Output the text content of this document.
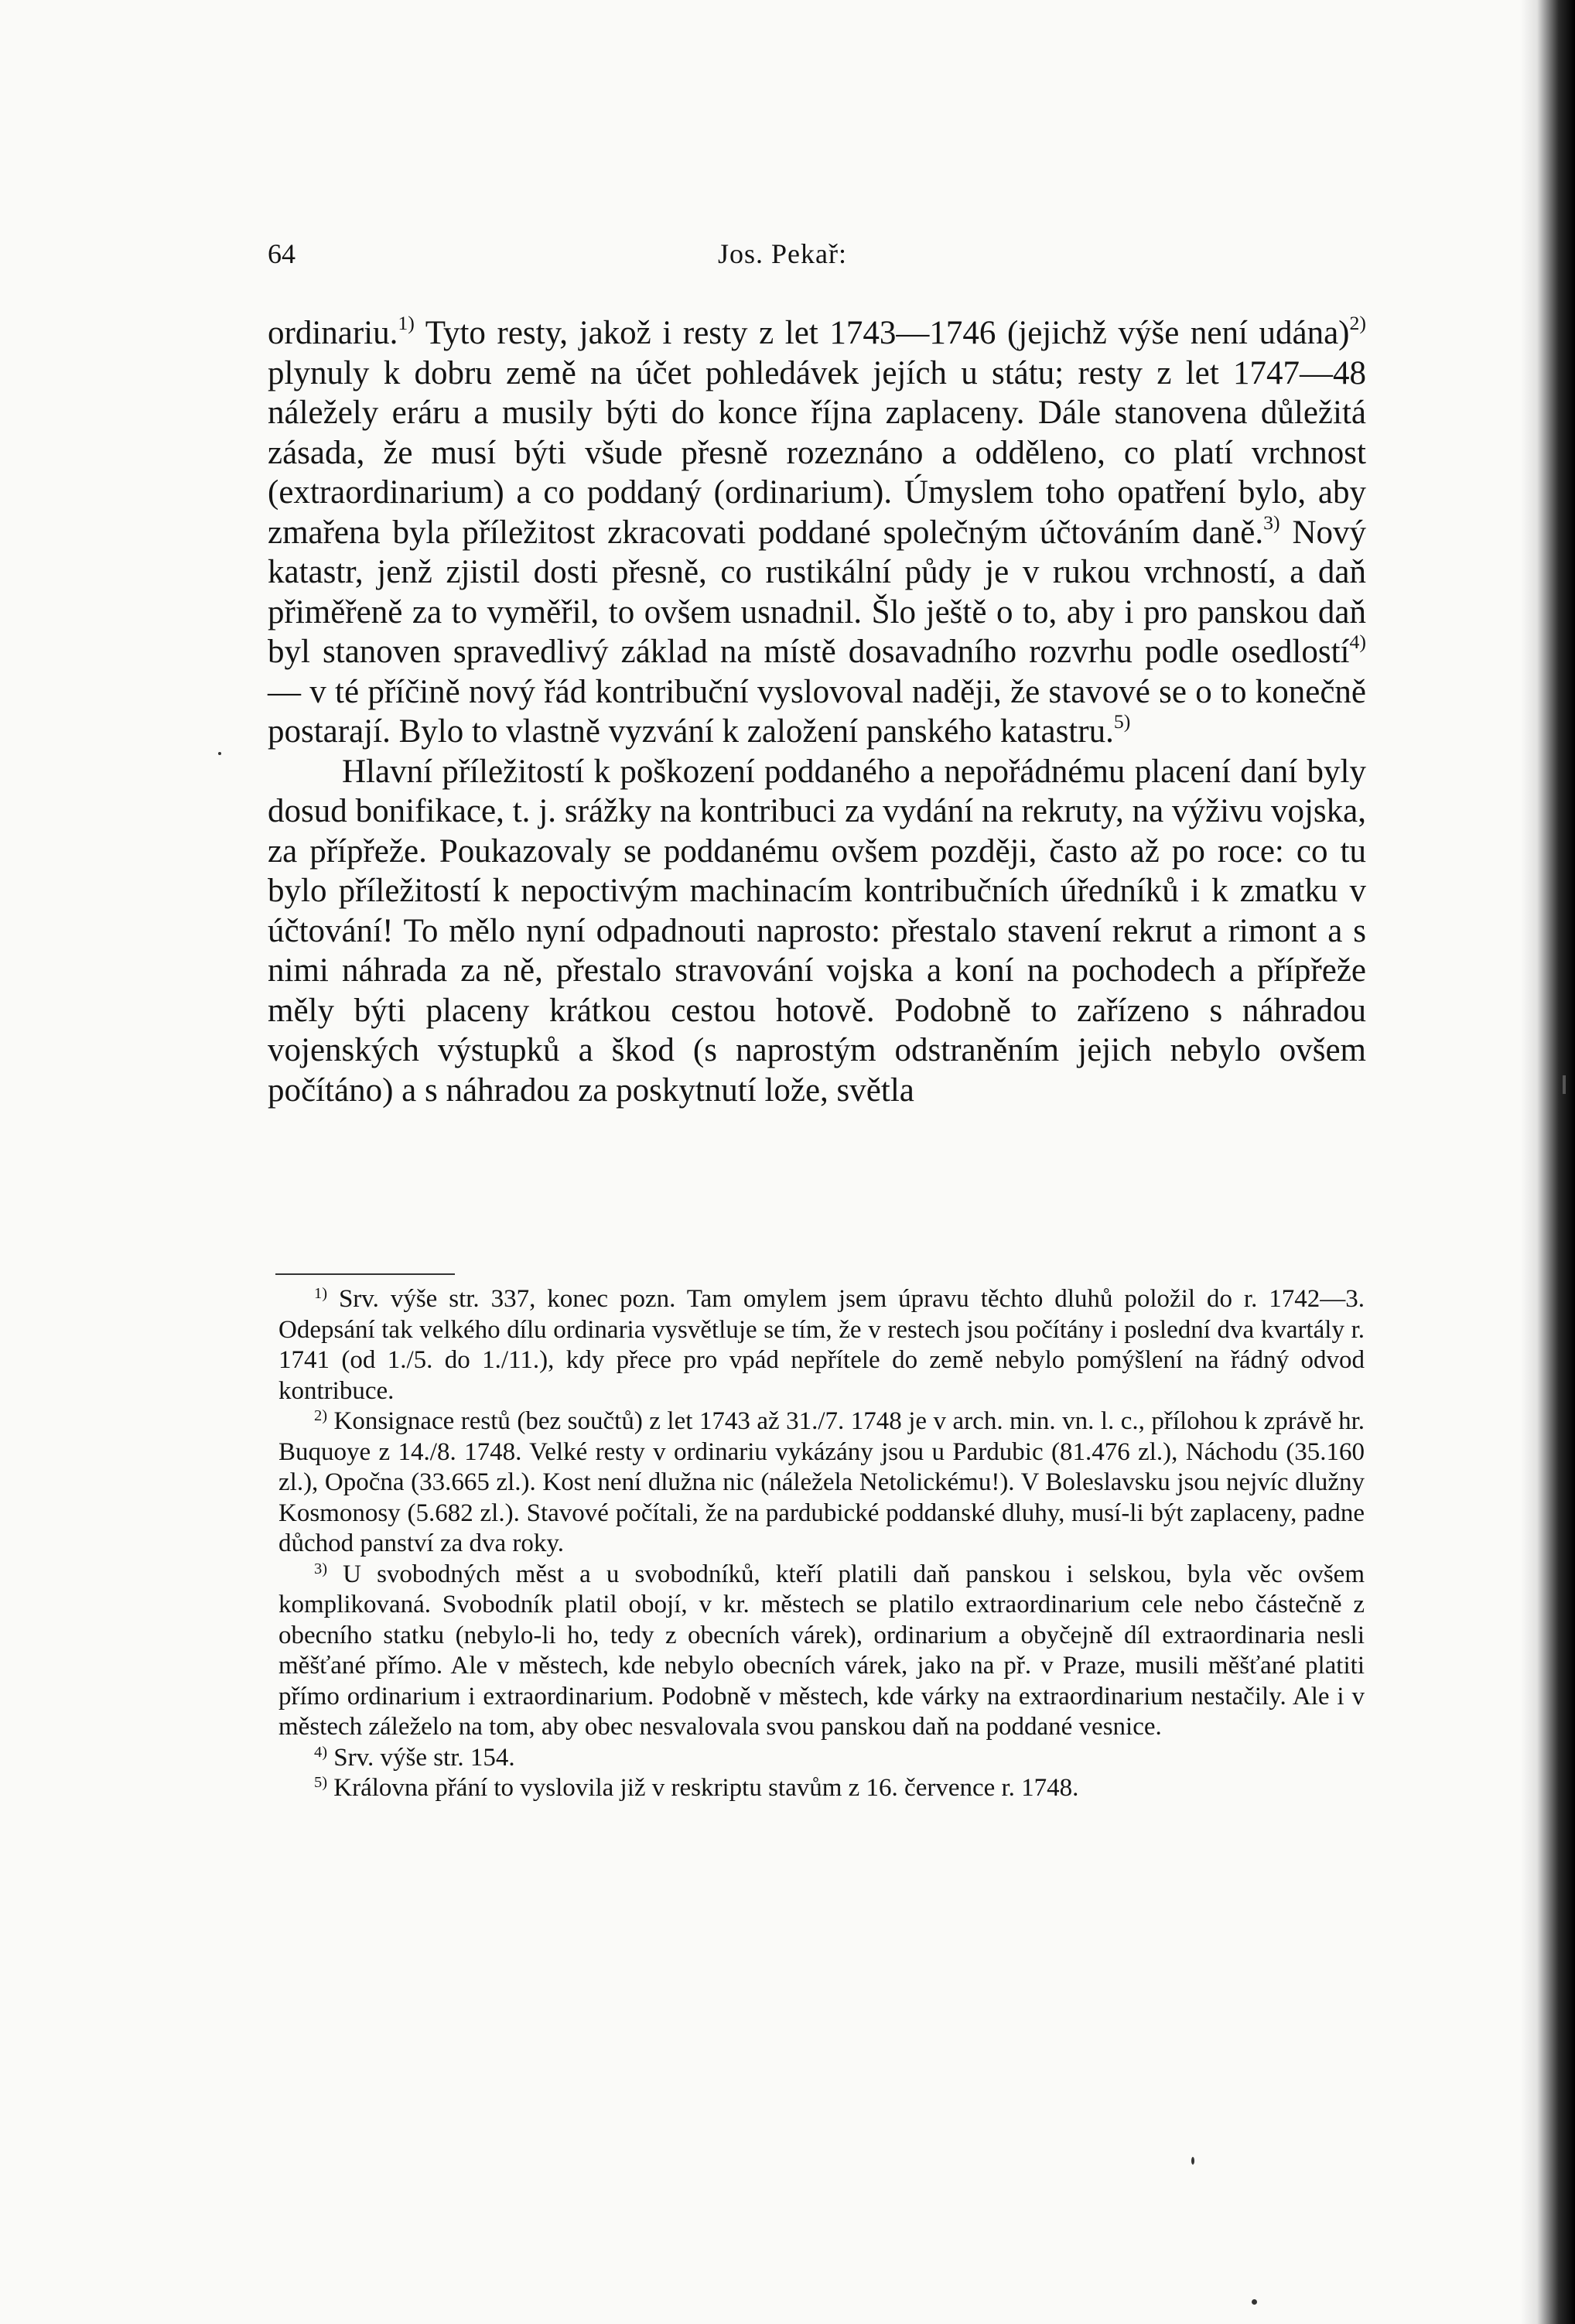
64	Jos. Pekař:

ordinariu.$^{1)}$ Tyto resty, jakož i resty z let 1743—1746 (jejichž výše není udána)$^{2)}$ plynuly k dobru země na účet pohledávek jejích u státu; resty z let 1747—48 náležely eráru a musily býti do konce října zaplaceny. Dále stanovena důležitá zásada, že musí býti všude přesně rozeznáno a odděleno, co platí vrchnost (extraordinarium) a co poddaný (ordinarium). Úmyslem toho opatření bylo, aby zmařena byla příležitost zkracovati poddané společným účtováním daně.$^{3)}$ Nový katastr, jenž zjistil dosti přesně, co rustikální půdy je v rukou vrchností, a daň přiměřeně za to vyměřil, to ovšem usnadnil. Šlo ještě o to, aby i pro panskou daň byl stanoven spravedlivý základ na místě dosavadního rozvrhu podle osedlostí$^{4)}$ — v té příčině nový řád kontribuční vyslovoval naději, že stavové se o to konečně postarají. Bylo to vlastně vyzvání k založení panského katastru.$^{5)}$

Hlavní příležitostí k poškození poddaného a nepořádnému placení daní byly dosud bonifikace, t. j. srážky na kontribuci za vydání na rekruty, na výživu vojska, za přípřeže. Poukazovaly se poddanému ovšem později, často až po roce: co tu bylo příležitostí k nepoctivým machinacím kontribučních úředníků i k zmatku v účtování! To mělo nyní odpadnouti naprosto: přestalo stavení rekrut a rimont a s nimi náhrada za ně, přestalo stravování vojska a koní na pochodech a přípřeže měly býti placeny krátkou cestou hotově. Podobně to zařízeno s náhradou vojenských výstupků a škod (s naprostým odstraněním jejich nebylo ovšem počítáno) a s náhradou za poskytnutí lože, světla

$^{1)}$ Srv. výše str. 337, konec pozn. Tam omylem jsem úpravu těchto dluhů položil do r. 1742—3. Odepsání tak velkého dílu ordinaria vysvětluje se tím, že v restech jsou počítány i poslední dva kvartály r. 1741 (od 1./5. do 1./11.), kdy přece pro vpád nepřítele do země nebylo pomýšlení na řádný odvod kontribuce.

$^{2)}$ Konsignace restů (bez součtů) z let 1743 až 31./7. 1748 je v arch. min. vn. l. c., přílohou k zprávě hr. Buquoye z 14./8. 1748. Velké resty v ordinariu vykázány jsou u Pardubic (81.476 zl.), Náchodu (35.160 zl.), Opočna (33.665 zl.). Kost není dlužna nic (náležela Netolickému!). V Boleslavsku jsou nejvíc dlužny Kosmonosy (5.682 zl.). Stavové počítali, že na pardubické poddanské dluhy, musí-li být zaplaceny, padne důchod panství za dva roky.

$^{3)}$ U svobodných měst a u svobodníků, kteří platili daň panskou i selskou, byla věc ovšem komplikovaná. Svobodník platil obojí, v kr. městech se platilo extraordinarium cele nebo částečně z obecního statku (nebylo-li ho, tedy z obecních várek), ordinarium a obyčejně díl extraordinaria nesli měšťané přímo. Ale v městech, kde nebylo obecních várek, jako na př. v Praze, musili měšťané platiti přímo ordinarium i extraordinarium. Podobně v městech, kde várky na extraordinarium nestačily. Ale i v městech záleželo na tom, aby obec nesvalovala svou panskou daň na poddané vesnice.

$^{4)}$ Srv. výše str. 154.

$^{5)}$ Královna přání to vyslovila již v reskriptu stavům z 16. července r. 1748.
